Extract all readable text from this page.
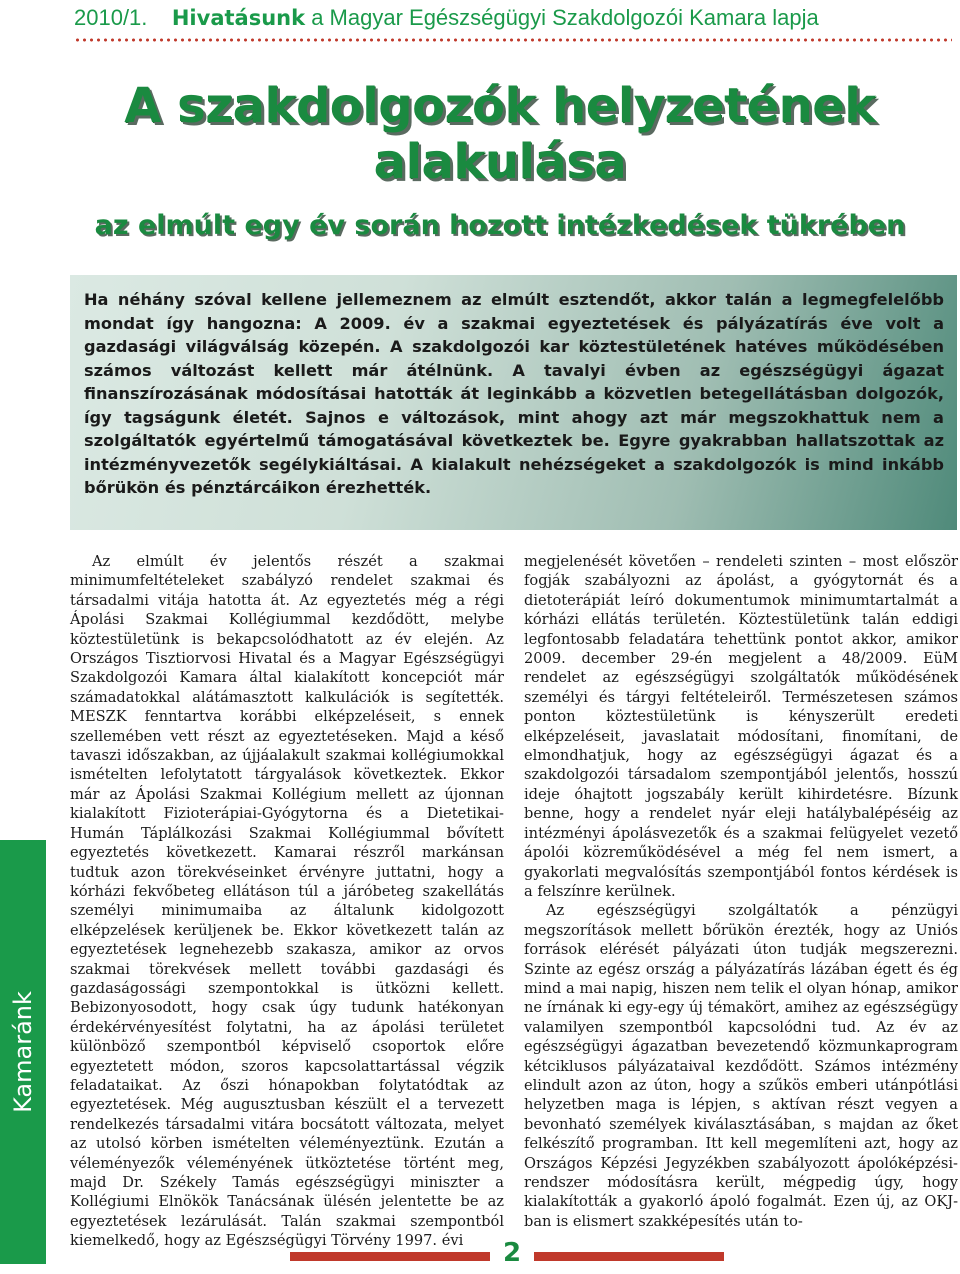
2010/1. Hivatásunk a Magyar Egészségügyi Szakdolgozói Kamara lapja
A szakdolgozók helyzetének
alakulása
az elmúlt egy év során hozott intézkedések tükrében
Ha néhány szóval kellene jellemeznem az elmúlt esztendőt, akkor talán a legmegfelelőbb mondat így hangozna: A 2009. év a szakmai egyeztetések és pályázatírás éve volt a gazdasági világválság közepén. A szakdolgozói kar köztestületének hatéves működésében számos változást kellett már átélnünk. A tavalyi évben az egészségügyi ágazat finanszírozásának módosításai hatották át leginkább a közvetlen betegellátásban dolgozók, így tagságunk életét. Sajnos e változások, mint ahogy azt már megszokhattuk nem a szolgáltatók egyértelmű támogatásával következtek be. Egyre gyakrabban hallatszottak az intézményvezetők segélykiáltásai. A kialakult nehézségeket a szakdolgozók is mind inkább bőrükön és pénztárcáikon érezhették.

Az elmúlt év jelentős részét a szakmai minimumfeltételeket szabályzó rendelet szakmai és társadalmi vitája hatotta át. Az egyeztetés még a régi Ápolási Szakmai Kollégiummal kezdődött, melybe köztestületünk is bekapcsolódhatott az év elején. Az Országos Tisztiorvosi Hivatal és a Magyar Egészségügyi Szakdolgozói Kamara által kialakított koncepciót már számadatokkal alátámasztott kalkulációk is segítették. MESZK fenntartva korábbi elképzeléseit, s ennek szellemében vett részt az egyeztetéseken. Majd a késő tavaszi időszakban, az újjáalakult szakmai kollégiumokkal ismételten lefolytatott tárgyalások következtek. Ekkor már az Ápolási Szakmai Kollégium mellett az újonnan kialakított Fizioterápiai-Gyógytorna és a Dietetikai-Humán Táplálkozási Szakmai Kollégiummal bővített egyeztetés következett. Kamarai részről markánsan tudtuk azon törekvéseinket érvényre juttatni, hogy a kórházi fekvőbeteg ellátáson túl a járóbeteg szakellátás személyi minimumaiba az általunk kidolgozott elképzelések kerüljenek be. Ekkor következett talán az egyeztetések legnehezebb szakasza, amikor az orvos szakmai törekvések mellett további gazdasági és gazdaságossági szempontokkal is ütközni kellett. Bebizonyosodott, hogy csak úgy tudunk hatékonyan érdekérvényesítést folytatni, ha az ápolási területet különböző szempontból képviselő csoportok előre egyeztetett módon, szoros kapcsolattartással végzik feladataikat. Az őszi hónapokban folytatódtak az egyeztetések. Még augusztusban készült el a tervezett rendelkezés társadalmi vitára bocsátott változata, melyet az utolsó körben ismételten véleményeztünk. Ezután a véleményezők véleményének ütköztetése történt meg, majd Dr. Székely Tamás egészségügyi miniszter a Kollégiumi Elnökök Tanácsának ülésén jelentette be az egyeztetések lezárulását. Talán szakmai szempontból kiemelkedő, hogy az Egészségügyi Törvény 1997. évi

megjelenését követően – rendeleti szinten – most először fogják szabályozni az ápolást, a gyógytornát és a dietoterápiát leíró dokumentumok minimumtartalmát a kórházi ellátás területén. Köztestületünk talán eddigi legfontosabb feladatára tehettünk pontot akkor, amikor 2009. december 29-én megjelent a 48/2009. EüM rendelet az egészségügyi szolgáltatók működésének személyi és tárgyi feltételeiről. Természetesen számos ponton köztestületünk is kényszerült eredeti elképzeléseit, javaslatait módosítani, finomítani, de elmondhatjuk, hogy az egészségügyi ágazat és a szakdolgozói társadalom szempontjából jelentős, hosszú ideje óhajtott jogszabály került kihirdetésre. Bízunk benne, hogy a rendelet nyár eleji hatálybalépéséig az intézményi ápolásvezetők és a szakmai felügyelet vezető ápolói közreműködésével a még fel nem ismert, a gyakorlati megvalósítás szempontjából fontos kérdések is a felszínre kerülnek.

Az egészségügyi szolgáltatók a pénzügyi megszorítások mellett bőrükön érezték, hogy az Uniós források elérését pályázati úton tudják megszerezni. Szinte az egész ország a pályázatírás lázában égett és ég mind a mai napig, hiszen nem telik el olyan hónap, amikor ne írnának ki egy-egy új témakört, amihez az egészségügy valamilyen szempontból kapcsolódni tud. Az év az egészségügyi ágazatban bevezetendő közmunkaprogram kétciklusos pályázataival kezdődött. Számos intézmény elindult azon az úton, hogy a szűkös emberi utánpótlási helyzetben maga is lépjen, s aktívan részt vegyen a bevonható személyek kiválasztásában, s majdan az őket felkészítő programban. Itt kell megemlíteni azt, hogy az Országos Képzési Jegyzékben szabályozott ápolóképzési-rendszer módosításra került, mégpedig úgy, hogy kialakították a gyakorló ápoló fogalmát. Ezen új, az OKJ-ban is elismert szakképesítés után to-

Kamaránk
2
